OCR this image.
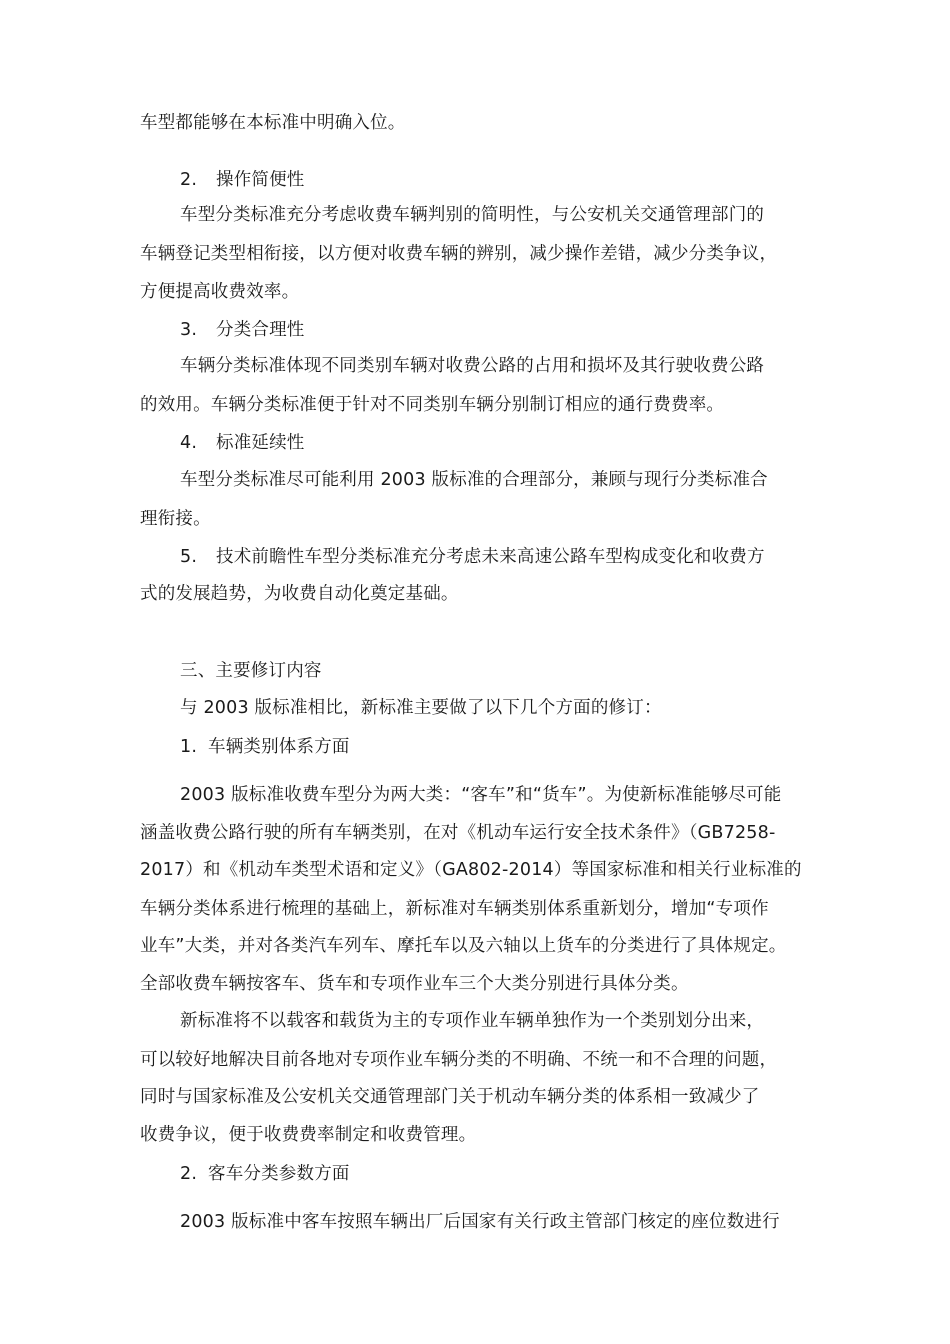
车型都能够在本标准中明确入位。
2. 操作简便性
车型分类标准充分考虑收费车辆判别的简明性，与公安机关交通管理部门的
车辆登记类型相衔接，以方便对收费车辆的辨别，减少操作差错，减少分类争议，
方便提高收费效率。
3. 分类合理性
车辆分类标准体现不同类别车辆对收费公路的占用和损坏及其行驶收费公路
的效用。车辆分类标准便于针对不同类别车辆分别制订相应的通行费费率。
4. 标准延续性
车型分类标准尽可能利用 2003 版标准的合理部分，兼顾与现行分类标准合
理衔接。
5. 技术前瞻性车型分类标准充分考虑未来高速公路车型构成变化和收费方
式的发展趋势，为收费自动化奠定基础。
三、主要修订内容
与 2003 版标准相比，新标准主要做了以下几个方面的修订：
1. 车辆类别体系方面
2003 版标准收费车型分为两大类：“客车”和“货车”。为使新标准能够尽可能
涵盖收费公路行驶的所有车辆类别，在对《机动车运行安全技术条件》（GB7258-
2017）和《机动车类型术语和定义》（GA802-2014）等国家标准和相关行业标准的
车辆分类体系进行梳理的基础上，新标准对车辆类别体系重新划分，增加“专项作
业车”大类，并对各类汽车列车、摩托车以及六轴以上货车的分类进行了具体规定。
全部收费车辆按客车、货车和专项作业车三个大类分别进行具体分类。
新标准将不以载客和载货为主的专项作业车辆单独作为一个类别划分出来，
可以较好地解决目前各地对专项作业车辆分类的不明确、不统一和不合理的问题，
同时与国家标准及公安机关交通管理部门关于机动车辆分类的体系相一致减少了
收费争议，便于收费费率制定和收费管理。
2. 客车分类参数方面
2003 版标准中客车按照车辆出厂后国家有关行政主管部门核定的座位数进行
